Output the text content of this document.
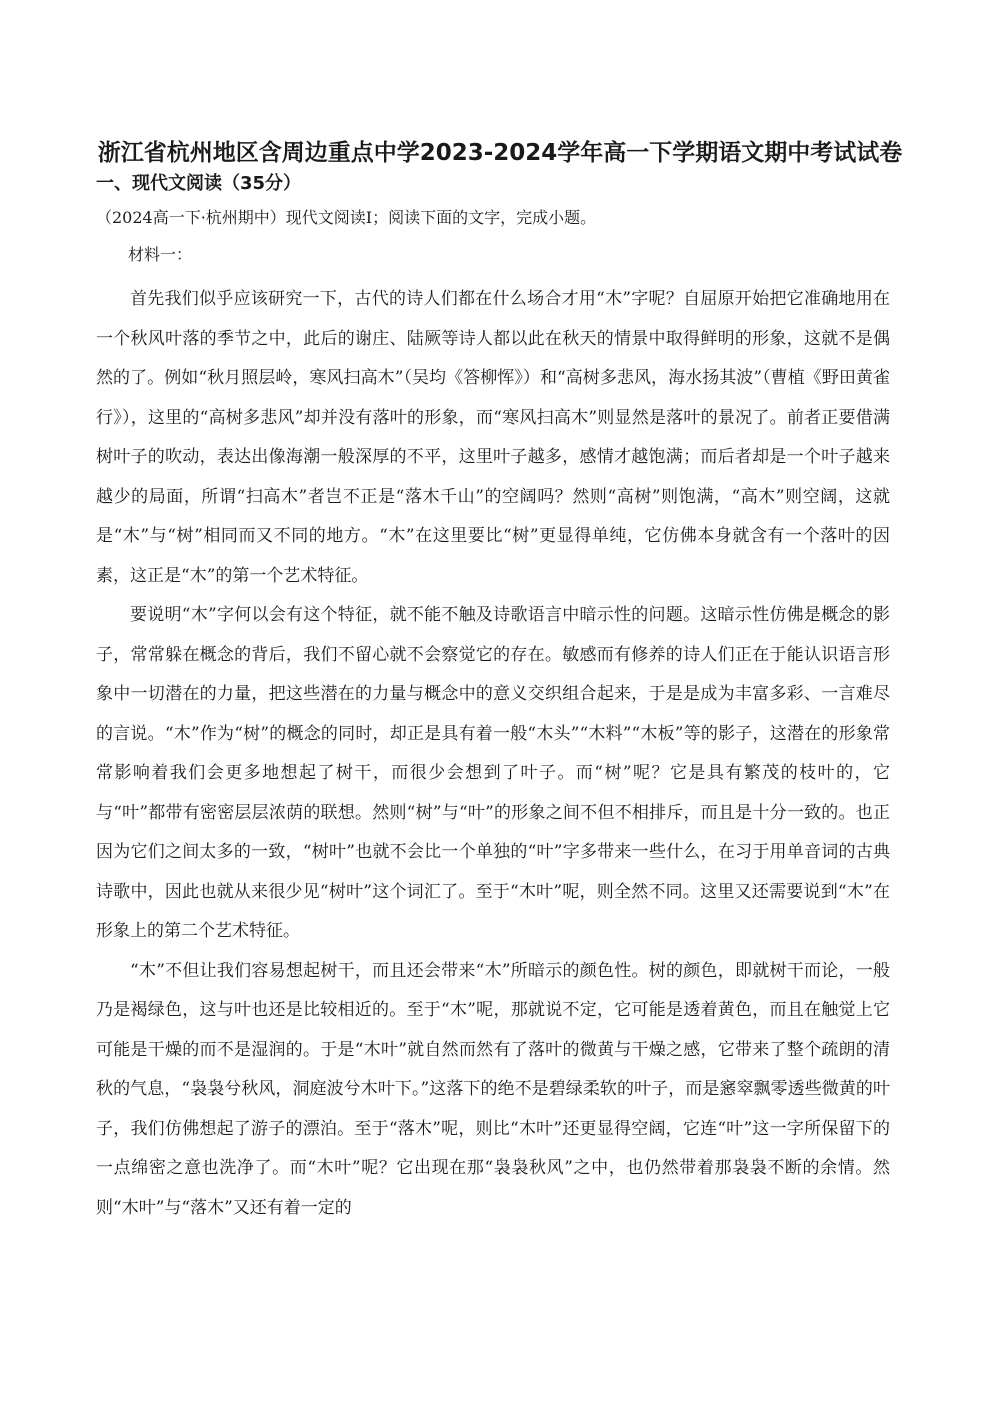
浙江省杭州地区含周边重点中学2023-2024学年高一下学期语文期中考试试卷
一、现代文阅读（35分）
（2024高一下·杭州期中）现代文阅读Ⅰ；阅读下面的文字，完成小题。
材料一：

首先我们似乎应该研究一下，古代的诗人们都在什么场合才用“木”字呢？自屈原开始把它准确地用在一个秋风叶落的季节之中，此后的谢庄、陆厥等诗人都以此在秋天的情景中取得鲜明的形象，这就不是偶然的了。例如“秋月照层岭，寒风扫高木”（吴均《答柳恽》）和“高树多悲风，海水扬其波”（曹植《野田黄雀行》），这里的“高树多悲风”却并没有落叶的形象，而“寒风扫高木”则显然是落叶的景况了。前者正要借满树叶子的吹动，表达出像海潮一般深厚的不平，这里叶子越多，感情才越饱满；而后者却是一个叶子越来越少的局面，所谓“扫高木”者岂不正是“落木千山”的空阔吗？然则“高树”则饱满，“高木”则空阔，这就是“木”与“树”相同而又不同的地方。“木”在这里要比“树”更显得单纯，它仿佛本身就含有一个落叶的因素，这正是“木”的第一个艺术特征。

要说明“木”字何以会有这个特征，就不能不触及诗歌语言中暗示性的问题。这暗示性仿佛是概念的影子，常常躲在概念的背后，我们不留心就不会察觉它的存在。敏感而有修养的诗人们正在于能认识语言形象中一切潜在的力量，把这些潜在的力量与概念中的意义交织组合起来，于是是成为丰富多彩、一言难尽的言说。“木”作为“树”的概念的同时，却正是具有着一般“木头”“木料”“木板”等的影子，这潜在的形象常常影响着我们会更多地想起了树干，而很少会想到了叶子。而“树”呢？它是具有繁茂的枝叶的，它与“叶”都带有密密层层浓荫的联想。然则“树”与“叶”的形象之间不但不相排斥，而且是十分一致的。也正因为它们之间太多的一致，“树叶”也就不会比一个单独的“叶”字多带来一些什么，在习于用单音词的古典诗歌中，因此也就从来很少见“树叶”这个词汇了。至于“木叶”呢，则全然不同。这里又还需要说到“木”在形象上的第二个艺术特征。

“木”不但让我们容易想起树干，而且还会带来“木”所暗示的颜色性。树的颜色，即就树干而论，一般乃是褐绿色，这与叶也还是比较相近的。至于“木”呢，那就说不定，它可能是透着黄色，而且在触觉上它可能是干燥的而不是湿润的。于是“木叶”就自然而然有了落叶的微黄与干燥之感，它带来了整个疏朗的清秋的气息，“袅袅兮秋风，洞庭波兮木叶下。”这落下的绝不是碧绿柔软的叶子，而是窸窣飘零透些微黄的叶子，我们仿佛想起了游子的漂泊。至于“落木”呢，则比“木叶”还更显得空阔，它连“叶”这一字所保留下的一点绵密之意也洗净了。而“木叶”呢？它出现在那“袅袅秋风”之中，也仍然带着那袅袅不断的余情。然则“木叶”与“落木”又还有着一定的
